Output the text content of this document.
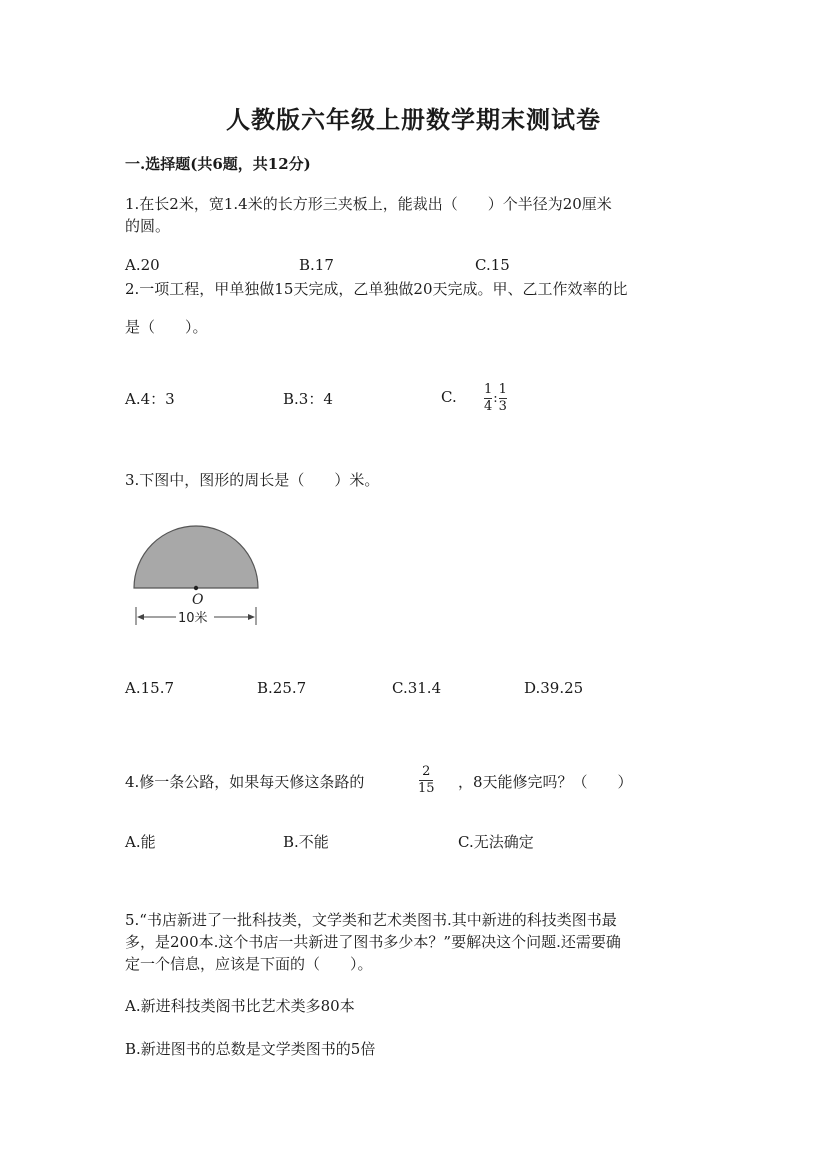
人教版六年级上册数学期末测试卷
一.选择题(共6题，共12分)
1.在长2米，宽1.4米的长方形三夹板上，能裁出（　　）个半径为20厘米
的圆。
A.20	B.17	C.15
2.一项工程，甲单独做15天完成，乙单独做20天完成。甲、乙工作效率的比
是（　　）。
A.4：3	B.3：4	C. $\frac{1}{4}$ : $\frac{1}{3}$
3.下图中，图形的周长是（　　）米。
O
10米
A.15.7	B.25.7	C.31.4	D.39.25
4.修一条公路，如果每天修这条路的
2
15 ，8天能修完吗？（　　）
A.能	B.不能	C.无法确定
5.“书店新进了一批科技类，文学类和艺术类图书.其中新进的科技类图书最
多，是200本.这个书店一共新进了图书多少本？”要解决这个问题.还需要确
定一个信息，应该是下面的（　　）。
A.新进科技类阁书比艺术类多80本
B.新进图书的总数是文学类图书的5倍
